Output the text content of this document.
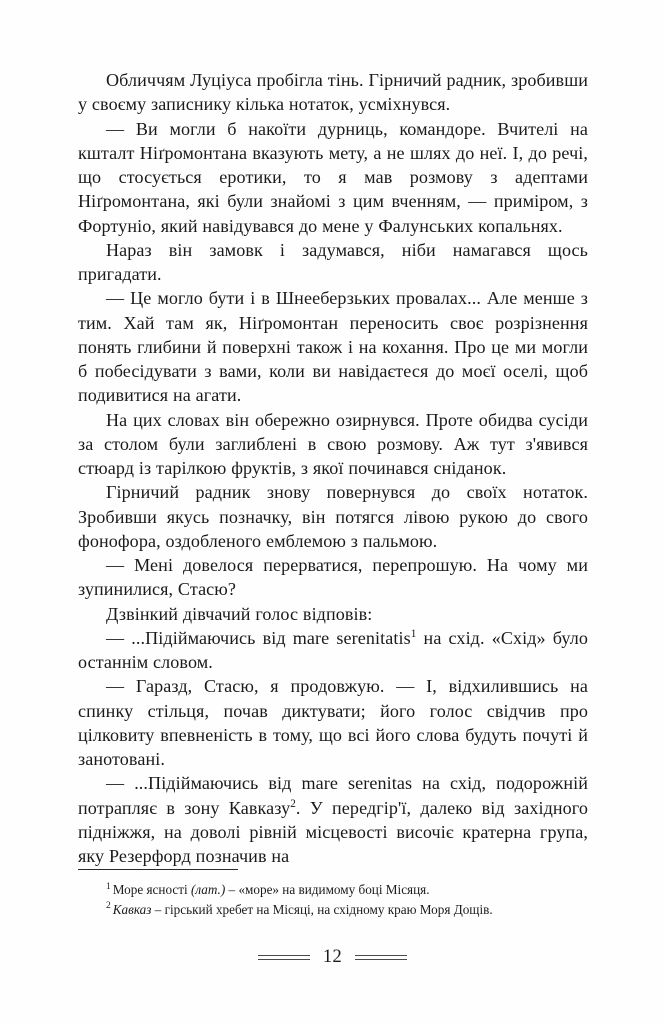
Обличчям Луціуса пробігла тінь. Гірничий радник, зробивши у своєму записнику кілька нотаток, усміхнувся.

— Ви могли б накоїти дурниць, командоре. Вчителі на кшталт Ніґромонтана вказують мету, а не шлях до неї. І, до речі, що стосується еротики, то я мав розмову з адептами Ніґромонтана, які були знайомі з цим вченням, — приміром, з Фортуніо, який навідувався до мене у Фалунських копальнях.

Нараз він замовк і задумався, ніби намагався щось пригадати.

— Це могло бути і в Шнееберзьких провалах... Але менше з тим. Хай там як, Ніґромонтан переносить своє розрізнення понять глибини й поверхні також і на кохання. Про це ми могли б побесідувати з вами, коли ви навідаєтеся до моєї оселі, щоб подивитися на агати.

На цих словах він обережно озирнувся. Проте обидва сусіди за столом були заглиблені в свою розмову. Аж тут з'явився стюард із тарілкою фруктів, з якої починався сніданок.

Гірничий радник знову повернувся до своїх нотаток. Зробивши якусь позначку, він потягся лівою рукою до свого фонофора, оздобленого емблемою з пальмою.

— Мені довелося перерватися, перепрошую. На чому ми зупинилися, Стасю?

Дзвінкий дівчачий голос відповів:

— ...Підіймаючись від mare serenitatis$^1$ на схід. «Схід» було останнім словом.

— Гаразд, Стасю, я продовжую. — І, відхилившись на спинку стільця, почав диктувати; його голос свідчив про цілковиту впевненість в тому, що всі його слова будуть почуті й занотовані.

— ...Підіймаючись від mare serenitas на схід, подорожній потрапляє в зону Кавказу$^2$. У передгір'ї, далеко від західного підніжжя, на доволі рівній місцевості височіє кратерна група, яку Резерфорд позначив на

$^1$ Море ясності (лат.) – «море» на видимому боці Місяця.

$^2$ Кавказ – гірський хребет на Місяці, на східному краю Моря Дощів.

12
